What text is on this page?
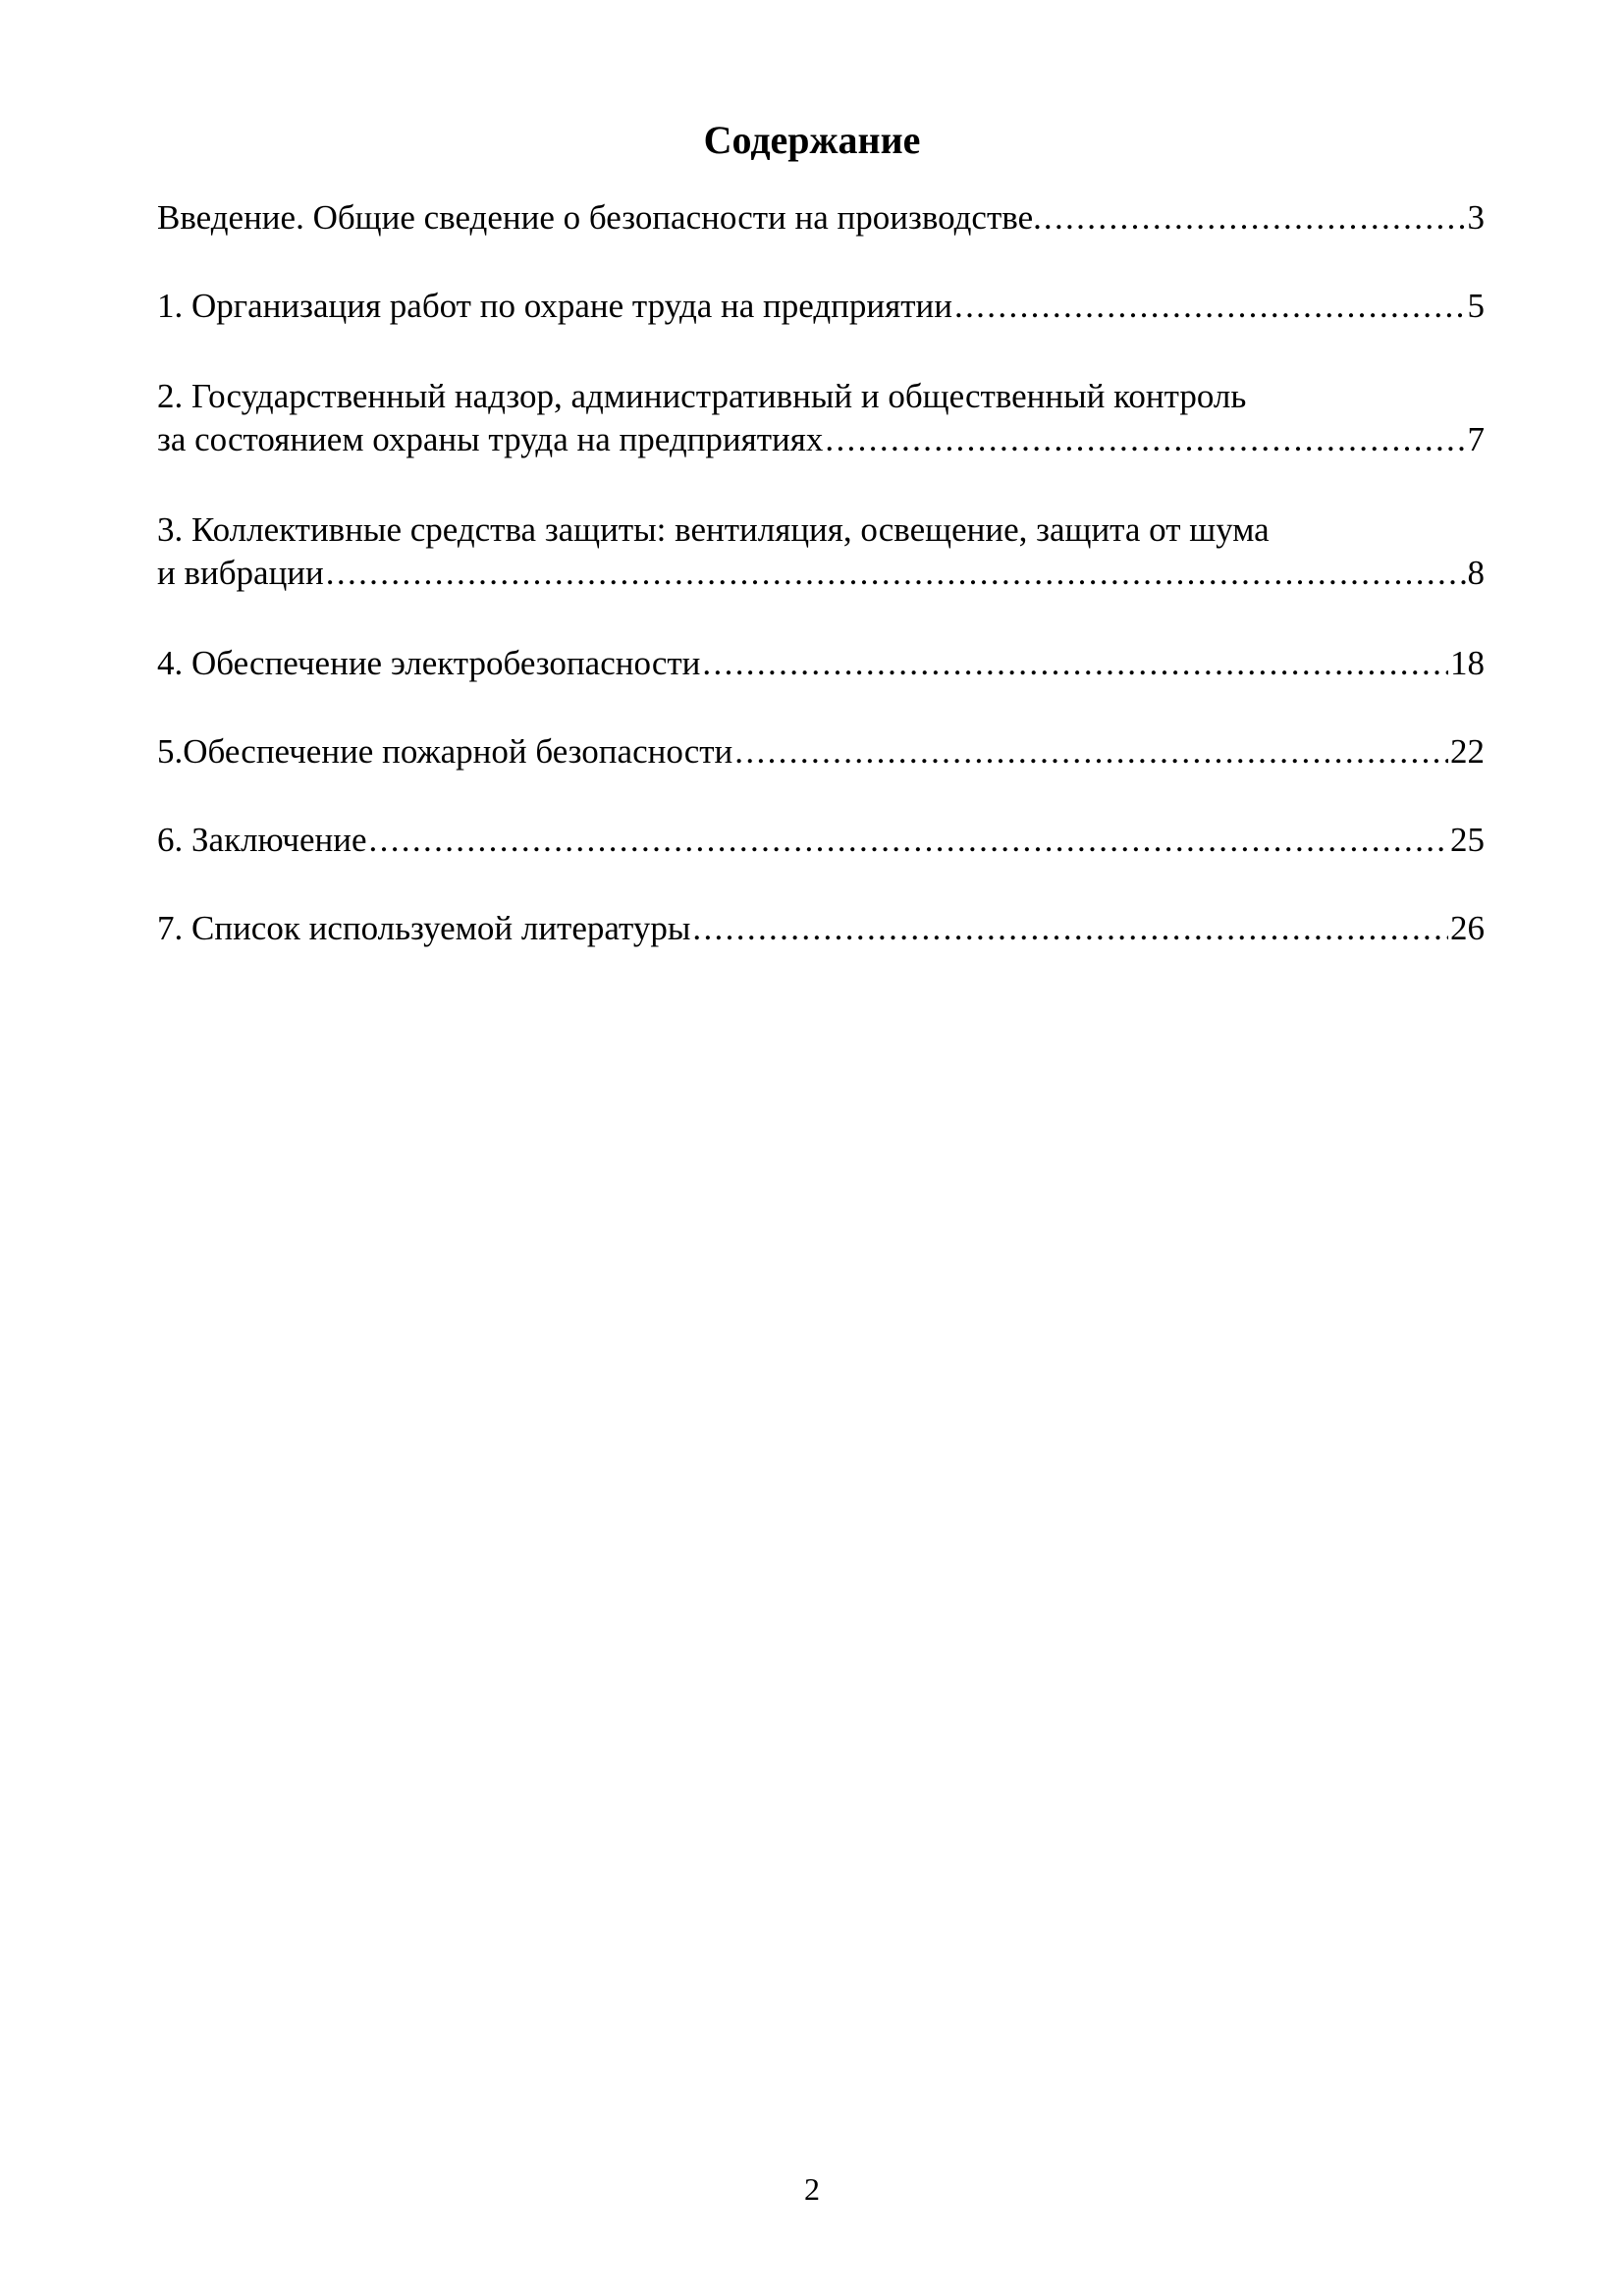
Содержание
Введение. Общие сведение о безопасности на производстве. . . .	3
1. Организация работ по охране труда на предприятии . . .	5
2. Государственный надзор, административный и общественный контроль
за состоянием охраны труда на предприятиях . . .	7
3. Коллективные средства защиты: вентиляция, освещение, защита от шума
и вибрации . . .	8
4. Обеспечение электробезопасности . . .	18
5.Обеспечение пожарной безопасности . . .	22
6. Заключение . . .	25
7. Список используемой литературы . . .	26
2
